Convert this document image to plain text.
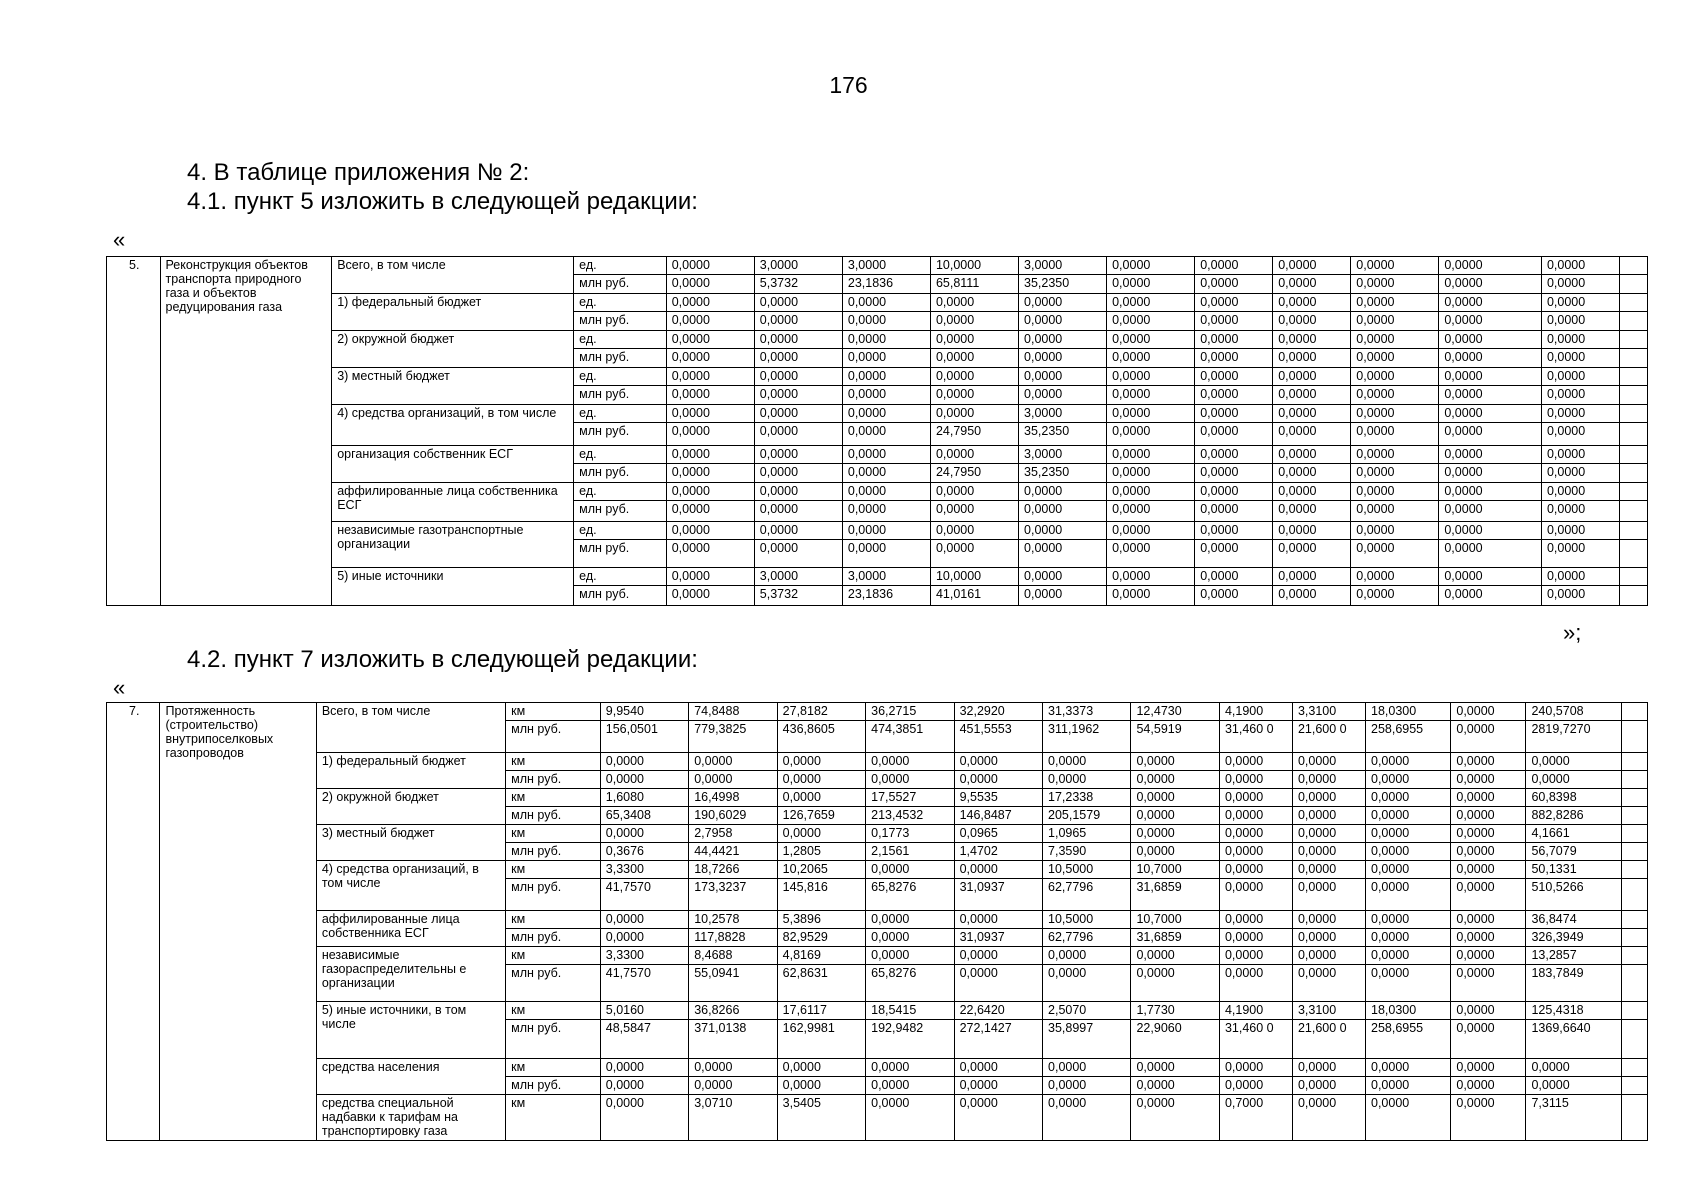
176
4. В таблице приложения № 2:
4.1. пункт 5 изложить в следующей редакции:
«
5.	Реконструкция объектов транспорта природного газа и объектов редуцирования газа	Всего, в том числе	ед.	0,0000	3,0000	3,0000	10,0000	3,0000	0,0000	0,0000	0,0000	0,0000	0,0000	0,0000	
			млн руб.	0,0000	5,3732	23,1836	65,8111	35,2350	0,0000	0,0000	0,0000	0,0000	0,0000	0,0000	
		1) федеральный бюджет	ед.	0,0000	0,0000	0,0000	0,0000	0,0000	0,0000	0,0000	0,0000	0,0000	0,0000	0,0000	
			млн руб.	0,0000	0,0000	0,0000	0,0000	0,0000	0,0000	0,0000	0,0000	0,0000	0,0000	0,0000	
		2) окружной бюджет	ед.	0,0000	0,0000	0,0000	0,0000	0,0000	0,0000	0,0000	0,0000	0,0000	0,0000	0,0000	
			млн руб.	0,0000	0,0000	0,0000	0,0000	0,0000	0,0000	0,0000	0,0000	0,0000	0,0000	0,0000	
		3) местный бюджет	ед.	0,0000	0,0000	0,0000	0,0000	0,0000	0,0000	0,0000	0,0000	0,0000	0,0000	0,0000	
			млн руб.	0,0000	0,0000	0,0000	0,0000	0,0000	0,0000	0,0000	0,0000	0,0000	0,0000	0,0000	
		4) средства организаций, в том числе	ед.	0,0000	0,0000	0,0000	0,0000	3,0000	0,0000	0,0000	0,0000	0,0000	0,0000	0,0000	
			млн руб.	0,0000	0,0000	0,0000	24,7950	35,2350	0,0000	0,0000	0,0000	0,0000	0,0000	0,0000	
		организация собственник ЕСГ	ед.	0,0000	0,0000	0,0000	0,0000	3,0000	0,0000	0,0000	0,0000	0,0000	0,0000	0,0000	
			млн руб.	0,0000	0,0000	0,0000	24,7950	35,2350	0,0000	0,0000	0,0000	0,0000	0,0000	0,0000	
		аффилированные лица собственника ЕСГ	ед.	0,0000	0,0000	0,0000	0,0000	0,0000	0,0000	0,0000	0,0000	0,0000	0,0000	0,0000	
			млн руб.	0,0000	0,0000	0,0000	0,0000	0,0000	0,0000	0,0000	0,0000	0,0000	0,0000	0,0000	
		независимые газотранспортные организации	ед.	0,0000	0,0000	0,0000	0,0000	0,0000	0,0000	0,0000	0,0000	0,0000	0,0000	0,0000	
			млн руб.	0,0000	0,0000	0,0000	0,0000	0,0000	0,0000	0,0000	0,0000	0,0000	0,0000	0,0000	
		5) иные источники	ед.	0,0000	3,0000	3,0000	10,0000	0,0000	0,0000	0,0000	0,0000	0,0000	0,0000	0,0000	
			млн руб.	0,0000	5,3732	23,1836	41,0161	0,0000	0,0000	0,0000	0,0000	0,0000	0,0000	0,0000	
»;
4.2. пункт 7 изложить в следующей редакции:
«
7.	Протяженность (строительство) внутрипоселковых газопроводов	Всего, в том числе	км	9,9540	74,8488	27,8182	36,2715	32,2920	31,3373	12,4730	4,1900	3,3100	18,0300	0,0000	240,5708	
			млн руб.	156,0501	779,3825	436,8605	474,3851	451,5553	311,1962	54,5919	31,460 0	21,600 0	258,6955	0,0000	2819,7270	
		1) федеральный бюджет	км	0,0000	0,0000	0,0000	0,0000	0,0000	0,0000	0,0000	0,0000	0,0000	0,0000	0,0000	0,0000	
			млн руб.	0,0000	0,0000	0,0000	0,0000	0,0000	0,0000	0,0000	0,0000	0,0000	0,0000	0,0000	0,0000	
		2) окружной бюджет	км	1,6080	16,4998	0,0000	17,5527	9,5535	17,2338	0,0000	0,0000	0,0000	0,0000	0,0000	60,8398	
			млн руб.	65,3408	190,6029	126,7659	213,4532	146,8487	205,1579	0,0000	0,0000	0,0000	0,0000	0,0000	882,8286	
		3) местный бюджет	км	0,0000	2,7958	0,0000	0,1773	0,0965	1,0965	0,0000	0,0000	0,0000	0,0000	0,0000	4,1661	
			млн руб.	0,3676	44,4421	1,2805	2,1561	1,4702	7,3590	0,0000	0,0000	0,0000	0,0000	0,0000	56,7079	
		4) средства организаций, в том числе	км	3,3300	18,7266	10,2065	0,0000	0,0000	10,5000	10,7000	0,0000	0,0000	0,0000	0,0000	50,1331	
			млн руб.	41,7570	173,3237	145,816	65,8276	31,0937	62,7796	31,6859	0,0000	0,0000	0,0000	0,0000	510,5266	
		аффилированные лица собственника ЕСГ	км	0,0000	10,2578	5,3896	0,0000	0,0000	10,5000	10,7000	0,0000	0,0000	0,0000	0,0000	36,8474	
			млн руб.	0,0000	117,8828	82,9529	0,0000	31,0937	62,7796	31,6859	0,0000	0,0000	0,0000	0,0000	326,3949	
		независимые газораспределительны е организации	км	3,3300	8,4688	4,8169	0,0000	0,0000	0,0000	0,0000	0,0000	0,0000	0,0000	0,0000	13,2857	
			млн руб.	41,7570	55,0941	62,8631	65,8276	0,0000	0,0000	0,0000	0,0000	0,0000	0,0000	0,0000	183,7849	
		5) иные источники, в том числе	км	5,0160	36,8266	17,6117	18,5415	22,6420	2,5070	1,7730	4,1900	3,3100	18,0300	0,0000	125,4318	
			млн руб.	48,5847	371,0138	162,9981	192,9482	272,1427	35,8997	22,9060	31,460 0	21,600 0	258,6955	0,0000	1369,6640	
		средства населения	км	0,0000	0,0000	0,0000	0,0000	0,0000	0,0000	0,0000	0,0000	0,0000	0,0000	0,0000	0,0000	
			млн руб.	0,0000	0,0000	0,0000	0,0000	0,0000	0,0000	0,0000	0,0000	0,0000	0,0000	0,0000	0,0000	
		средства специальной надбавки к тарифам на транспортировку газа	км	0,0000	3,0710	3,5405	0,0000	0,0000	0,0000	0,0000	0,7000	0,0000	0,0000	0,0000	7,3115	
